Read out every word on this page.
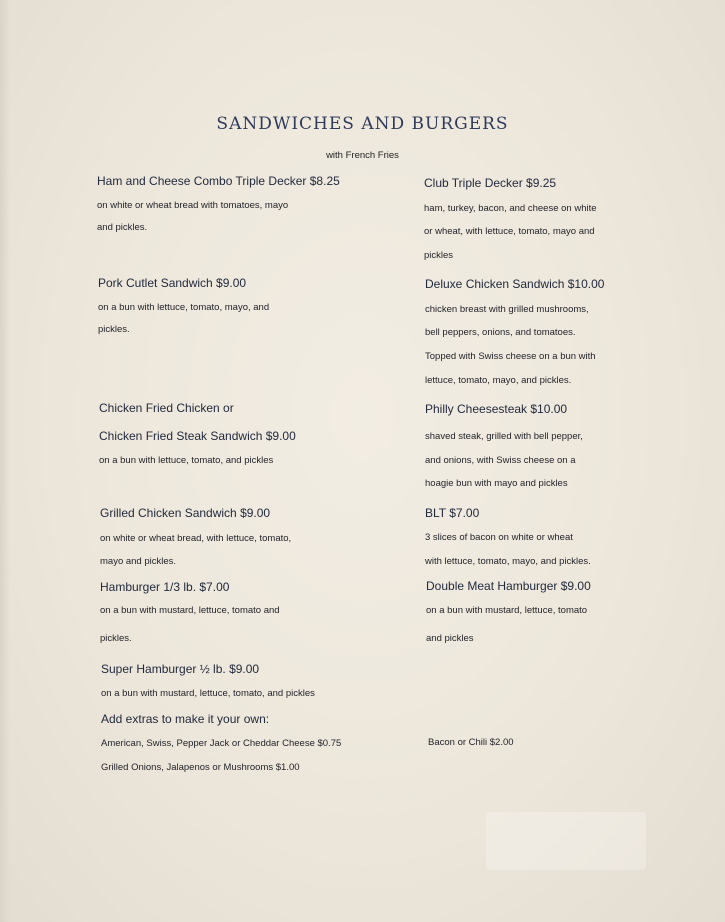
SANDWICHES AND BURGERS
with French Fries
Ham and Cheese Combo Triple Decker $8.25
on white or wheat bread with tomatoes, mayo
and pickles.
Pork Cutlet Sandwich $9.00
on a bun with lettuce, tomato, mayo, and
pickles.
Chicken Fried Chicken or
Chicken Fried Steak Sandwich $9.00
on a bun with lettuce, tomato, and pickles
Grilled Chicken Sandwich $9.00
on white or wheat bread, with lettuce, tomato,
mayo and pickles.
Hamburger 1/3 lb. $7.00
on a bun with mustard, lettuce, tomato and
pickles.
Super Hamburger ½ lb. $9.00
on a bun with mustard, lettuce, tomato, and pickles
Add extras to make it your own:
American, Swiss, Pepper Jack or Cheddar Cheese $0.75
Grilled Onions, Jalapenos or Mushrooms $1.00
Club Triple Decker $9.25
ham, turkey, bacon, and cheese on white
or wheat, with lettuce, tomato, mayo and
pickles
Deluxe Chicken Sandwich $10.00
chicken breast with grilled mushrooms,
bell peppers, onions, and tomatoes.
Topped with Swiss cheese on a bun with
lettuce, tomato, mayo, and pickles.
Philly Cheesesteak $10.00
shaved steak, grilled with bell pepper,
and onions, with Swiss cheese on a
hoagie bun with mayo and pickles
BLT $7.00
3 slices of bacon on white or wheat
with lettuce, tomato, mayo, and pickles.
Double Meat Hamburger $9.00
on a bun with mustard, lettuce, tomato
and pickles
Bacon or Chili $2.00
